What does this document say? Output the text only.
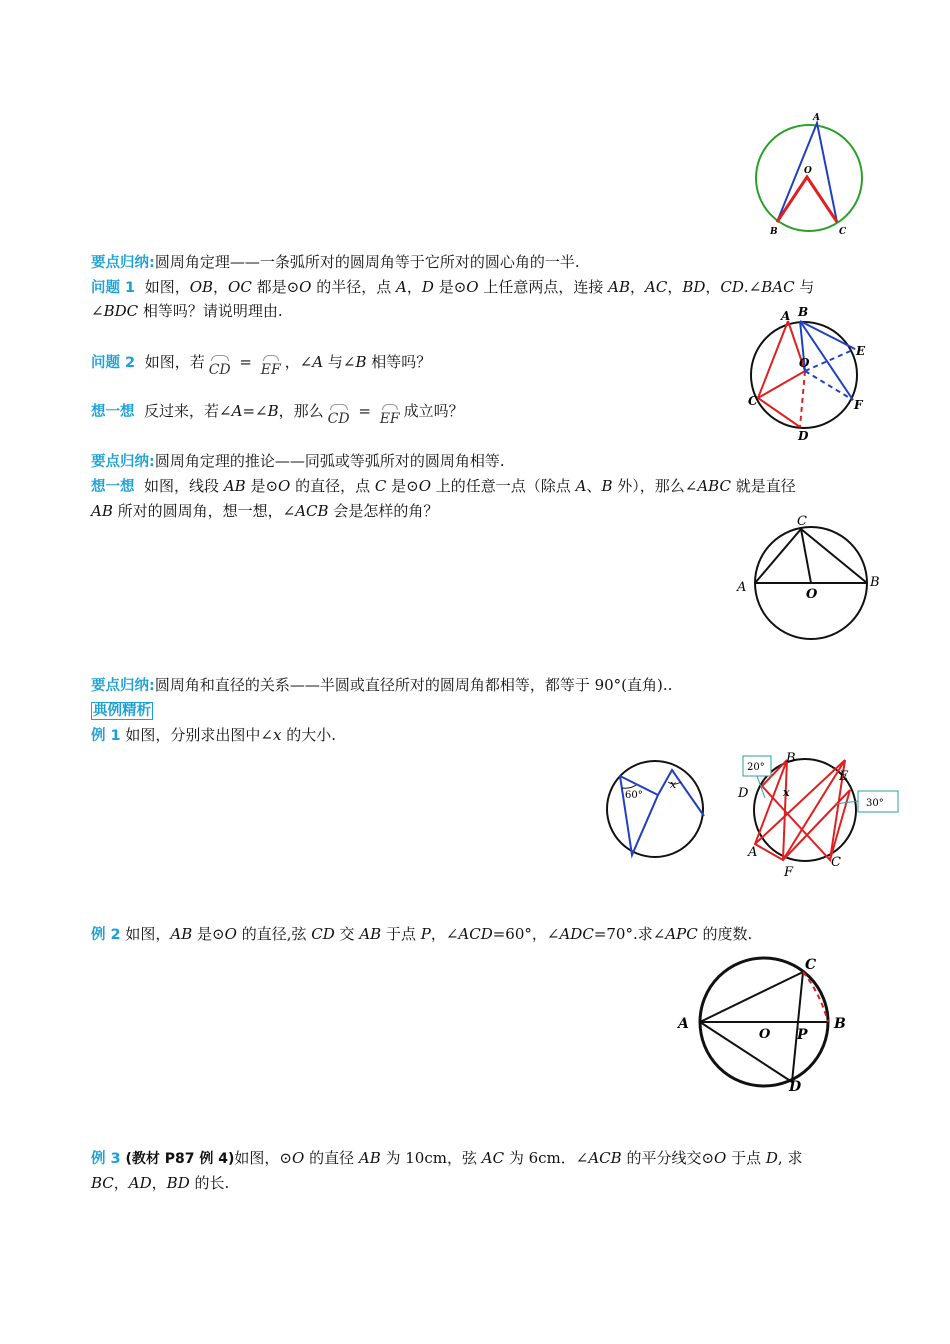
A
O
B	C
要点归纳:圆周角定理——一条弧所对的圆周角等于它所对的圆心角的一半.
问题 1 如图，OB，OC 都是⊙O 的半径，点 A，D 是⊙O 上任意两点，连接 AB，AC，BD，CD.∠BAC 与
∠BDC 相等吗？请说明理由.	A B
E
O
C	F
D
问题 2 如图，若 CD = EF ，∠A 与∠B 相等吗？
想一想 反过来，若∠A=∠B，那么 CD = EF 成立吗？
要点归纳:圆周角定理的推论——同弧或等弧所对的圆周角相等.
想一想 如图，线段 AB 是⊙O 的直径，点 C 是⊙O 上的任意一点（除点 A、B 外），那么∠ABC 就是直径
AB 所对的圆周角，想一想，∠ACB 会是怎样的角？
C
A	B
O
要点归纳:圆周角和直径的关系——半圆或直径所对的圆周角都相等，都等于 90°(直角)..
典例精析
例 1 如图，分别求出图中∠x 的大小.
60°
x
20°
30°
B
E
D	x
A
C
F
例 2 如图，AB 是⊙O 的直径,弦 CD 交 AB 于点 P，∠ACD=60°，∠ADC=70°.求∠APC 的度数.
C
A	B
O P
D
例 3 (教材 P87 例 4)如图，⊙O 的直径 AB 为 10cm，弦 AC 为 6cm．∠ACB 的平分线交⊙O 于点 D, 求
BC，AD，BD 的长.
